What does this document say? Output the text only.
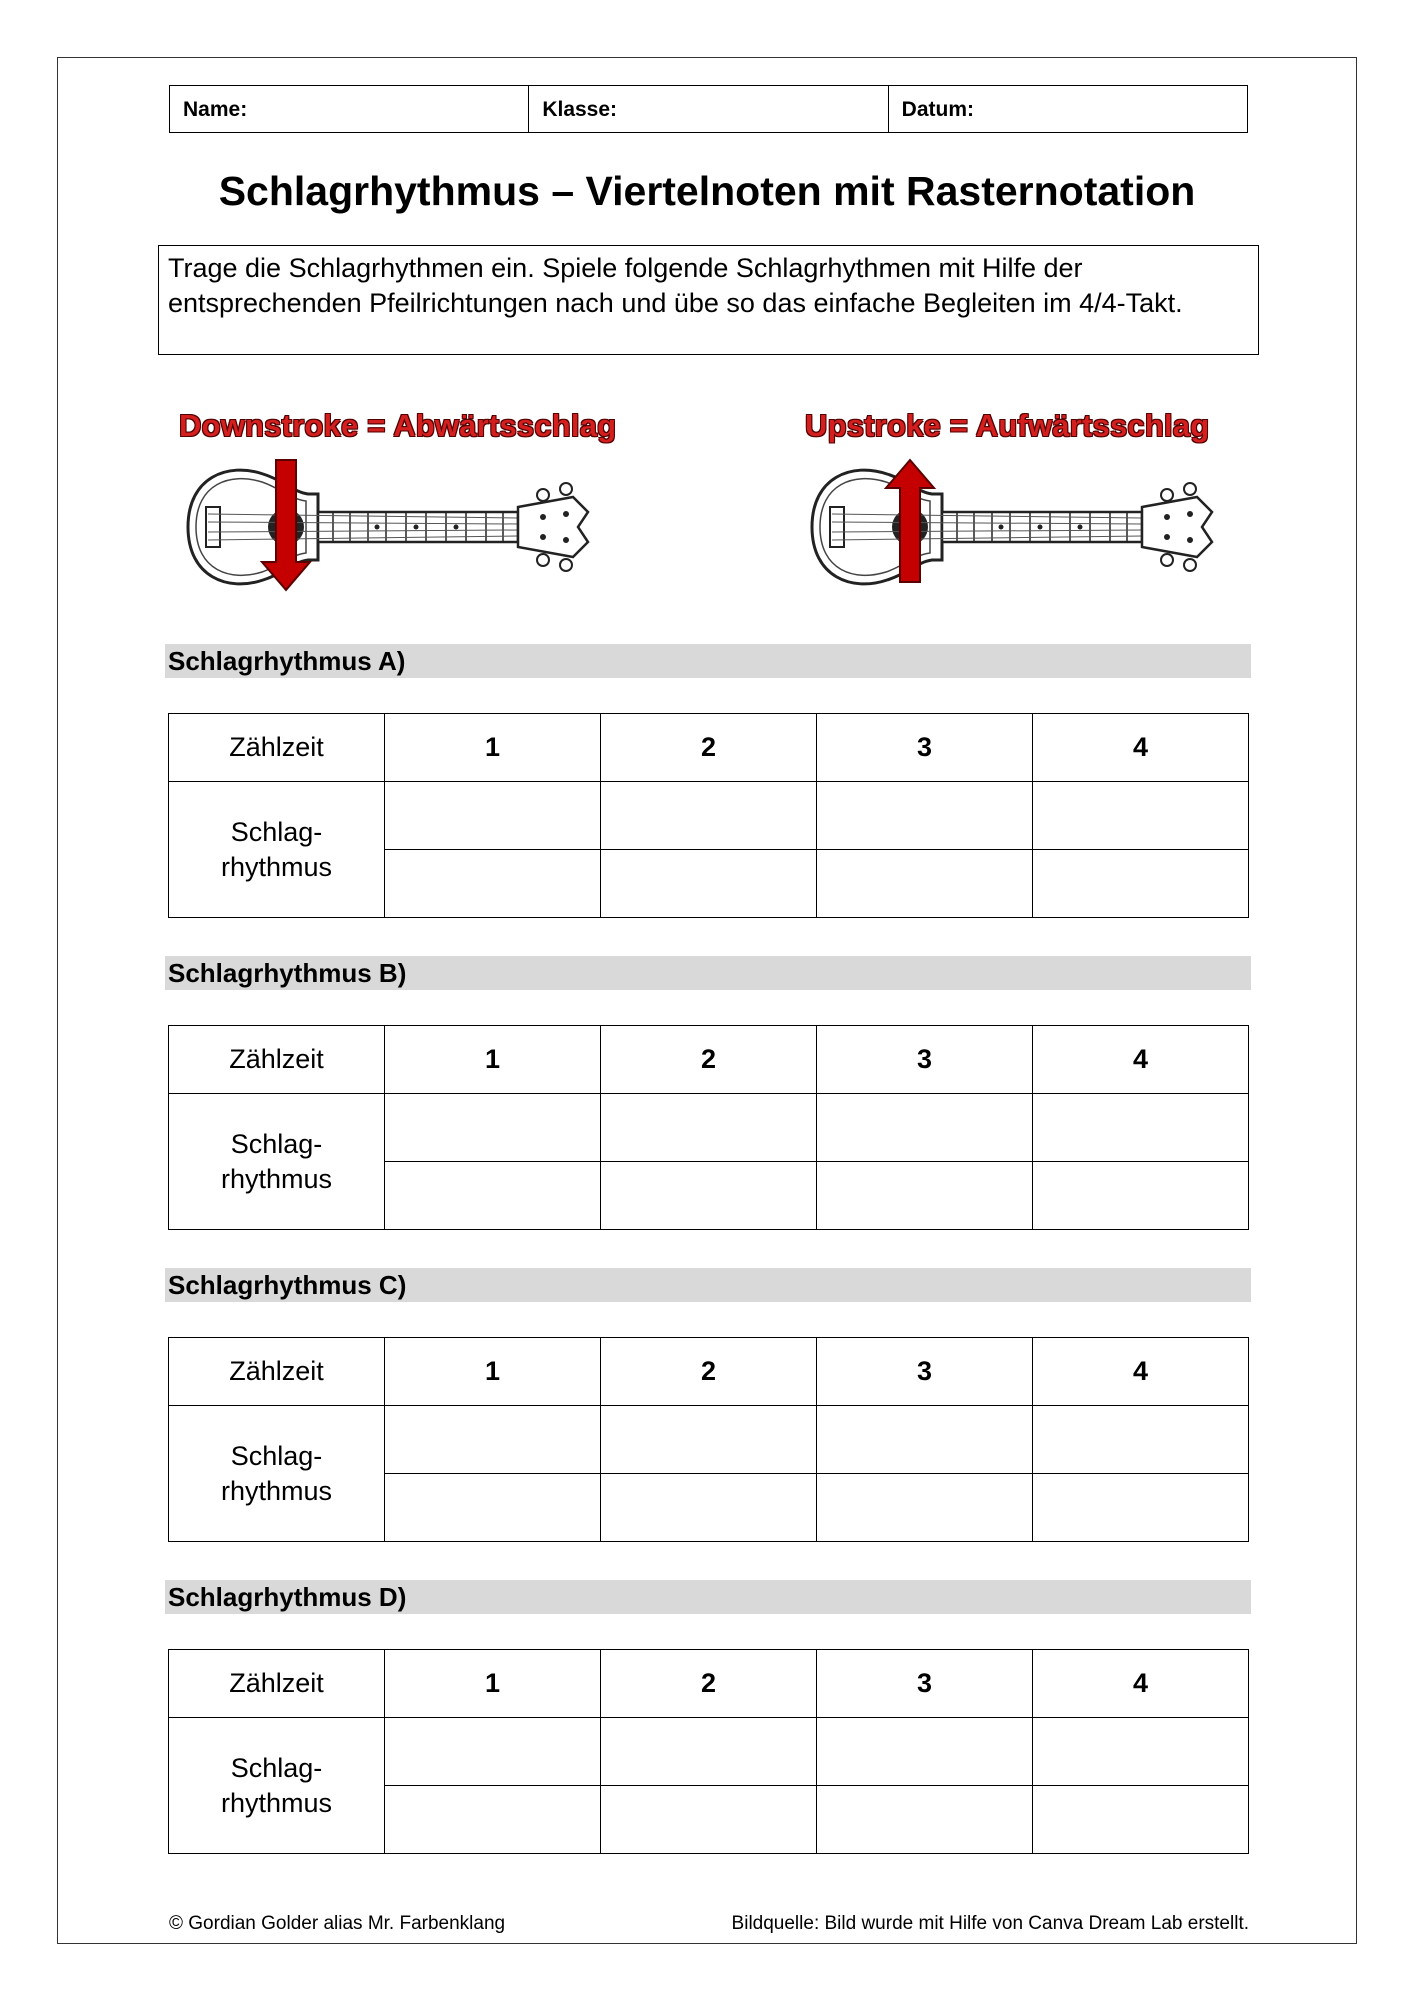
Name:	Klasse:	Datum:
Schlagrhythmus – Viertelnoten mit Rasternotation
Trage die Schlagrhythmen ein. Spiele folgende Schlagrhythmen mit Hilfe der entsprechenden Pfeilrichtungen nach und übe so das einfache Begleiten im 4/4-Takt.
Downstroke = Abwärtsschlag	Upstroke = Aufwärtsschlag
Schlagrhythmus A)
Zählzeit	1	2	3	4
Schlag-
rhythmus				

Schlagrhythmus B)
Zählzeit	1	2	3	4
Schlag-
rhythmus				

Schlagrhythmus C)
Zählzeit	1	2	3	4
Schlag-
rhythmus				

Schlagrhythmus D)
Zählzeit	1	2	3	4
Schlag-
rhythmus				

© Gordian Golder alias Mr. Farbenklang	Bildquelle: Bild wurde mit Hilfe von Canva Dream Lab erstellt.
